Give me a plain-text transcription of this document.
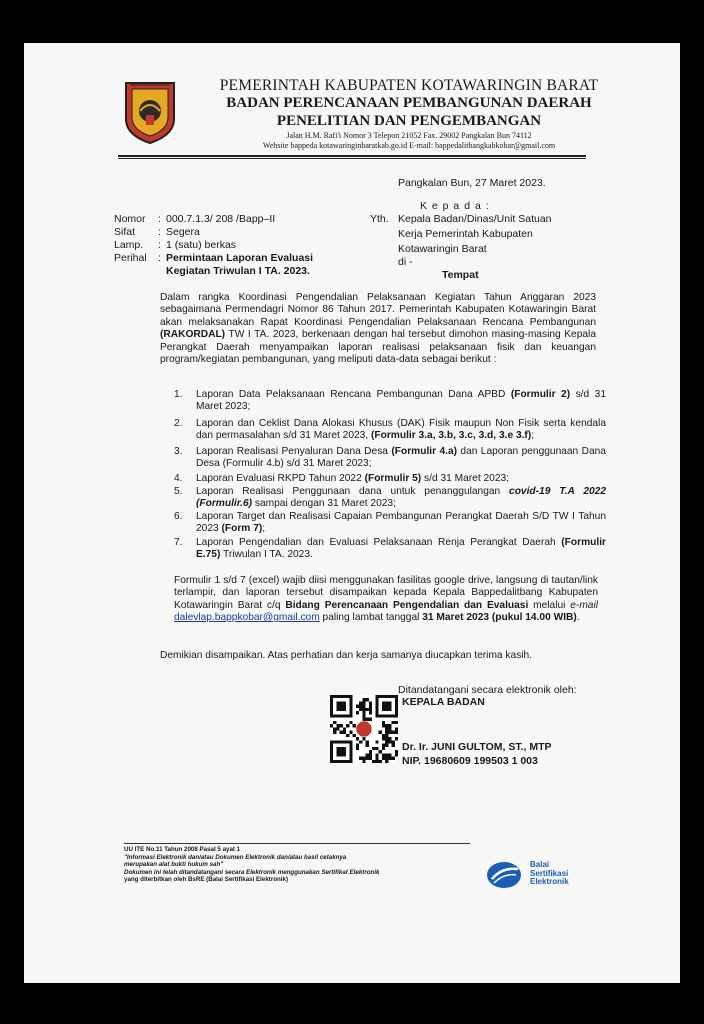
PEMERINTAH KABUPATEN KOTAWARINGIN BARAT
BADAN PERENCANAAN PEMBANGUNAN DAERAH
PENELITIAN DAN PENGEMBANGAN
Jalan H.M. Rafi'i Nomor 3 Telepon 21052 Fax. 29002 Pangkalan Bun 74112
Website bappeda kotawaringinbaratkab.go.id E-mail: bappedalitbangkabkobar@gmail.com
Pangkalan Bun, 27 Maret 2023.
Nomor	: 000.7.1.3/ 208 /Bapp–II
Sifat	: Segera
Lamp.	: 1 (satu) berkas
Perihal	: Permintaan Laporan Evaluasi
Kegiatan Triwulan I TA. 2023.
K e p a d a :
Yth. Kepala Badan/Dinas/Unit Satuan
Kerja Pemerintah Kabupaten
Kotawaringin Barat
di -
Tempat
Dalam rangka Koordinasi Pengendalian Pelaksanaan Kegiatan Tahun Anggaran 2023 sebagaimana Permendagri Nomor 86 Tahun 2017. Pemerintah Kabupaten Kotawaringin Barat akan melaksanakan Rapat Koordinasi Pengendalian Pelaksanaan Rencana Pembangunan (RAKORDAL) TW I TA. 2023, berkenaan dengan hal tersebut dimohon masing-masing Kepala Perangkat Daerah menyampaikan laporan realisasi pelaksanaan fisik dan keuangan program/kegiatan pembangunan, yang meliputi data-data sebagai berikut :
1. Laporan Data Pelaksanaan Rencana Pembangunan Dana APBD (Formulir 2) s/d 31 Maret 2023;
2. Laporan dan Ceklist Dana Alokasi Khusus (DAK) Fisik maupun Non Fisik serta kendala dan permasalahan s/d 31 Maret 2023, (Formulir 3.a, 3.b, 3.c, 3.d, 3.e 3.f);
3. Laporan Realisasi Penyaluran Dana Desa (Formulir 4.a) dan Laporan penggunaan Dana Desa (Formulir 4.b) s/d 31 Maret 2023;
4. Laporan Evaluasi RKPD Tahun 2022 (Formulir 5) s/d 31 Maret 2023;
5. Laporan Realisasi Penggunaan dana untuk penanggulangan covid-19 T.A 2022 (Formulir.6) sampai dengan 31 Maret 2023;
6. Laporan Target dan Realisasi Capaian Pembangunan Perangkat Daerah S/D TW I Tahun 2023 (Form 7);
7. Laporan Pengendalian dan Evaluasi Pelaksanaan Renja Perangkat Daerah (Formulir E.75) Triwulan I TA. 2023.
Formulir 1 s/d 7 (excel) wajib diisi menggunakan fasilitas google drive, langsung di tautan/link terlampir, dan laporan tersebut disampaikan kepada Kepala Bappedalitbang Kabupaten Kotawaringin Barat c/q Bidang Perencanaan Pengendalian dan Evaluasi melalui e-mail dalevlap.bappkobar@gmail.com paling lambat tanggal 31 Maret 2023 (pukul 14.00 WIB).
Demikian disampaikan. Atas perhatian dan kerja samanya diucapkan terima kasih.
Ditandatangani secara elektronik oleh:
KEPALA BADAN
Dr. Ir. JUNI GULTOM, ST., MTP
NIP. 19680609 199503 1 003
UU ITE No.11 Tahun 2008 Pasal 5 ayat 1
"Informasi Elektronik dan/atau Dokumen Elektronik dan/atau hasil cetaknya
merupakan alat bukti hukum sah"
Dokumen ini telah ditandatangani secara Elektronik menggunakan Sertifikat Elektronik
yang diterbitkan oleh BsRE (Balai Sertifikasi Elektronik)
Balai
Sertifikasi
Elektronik
